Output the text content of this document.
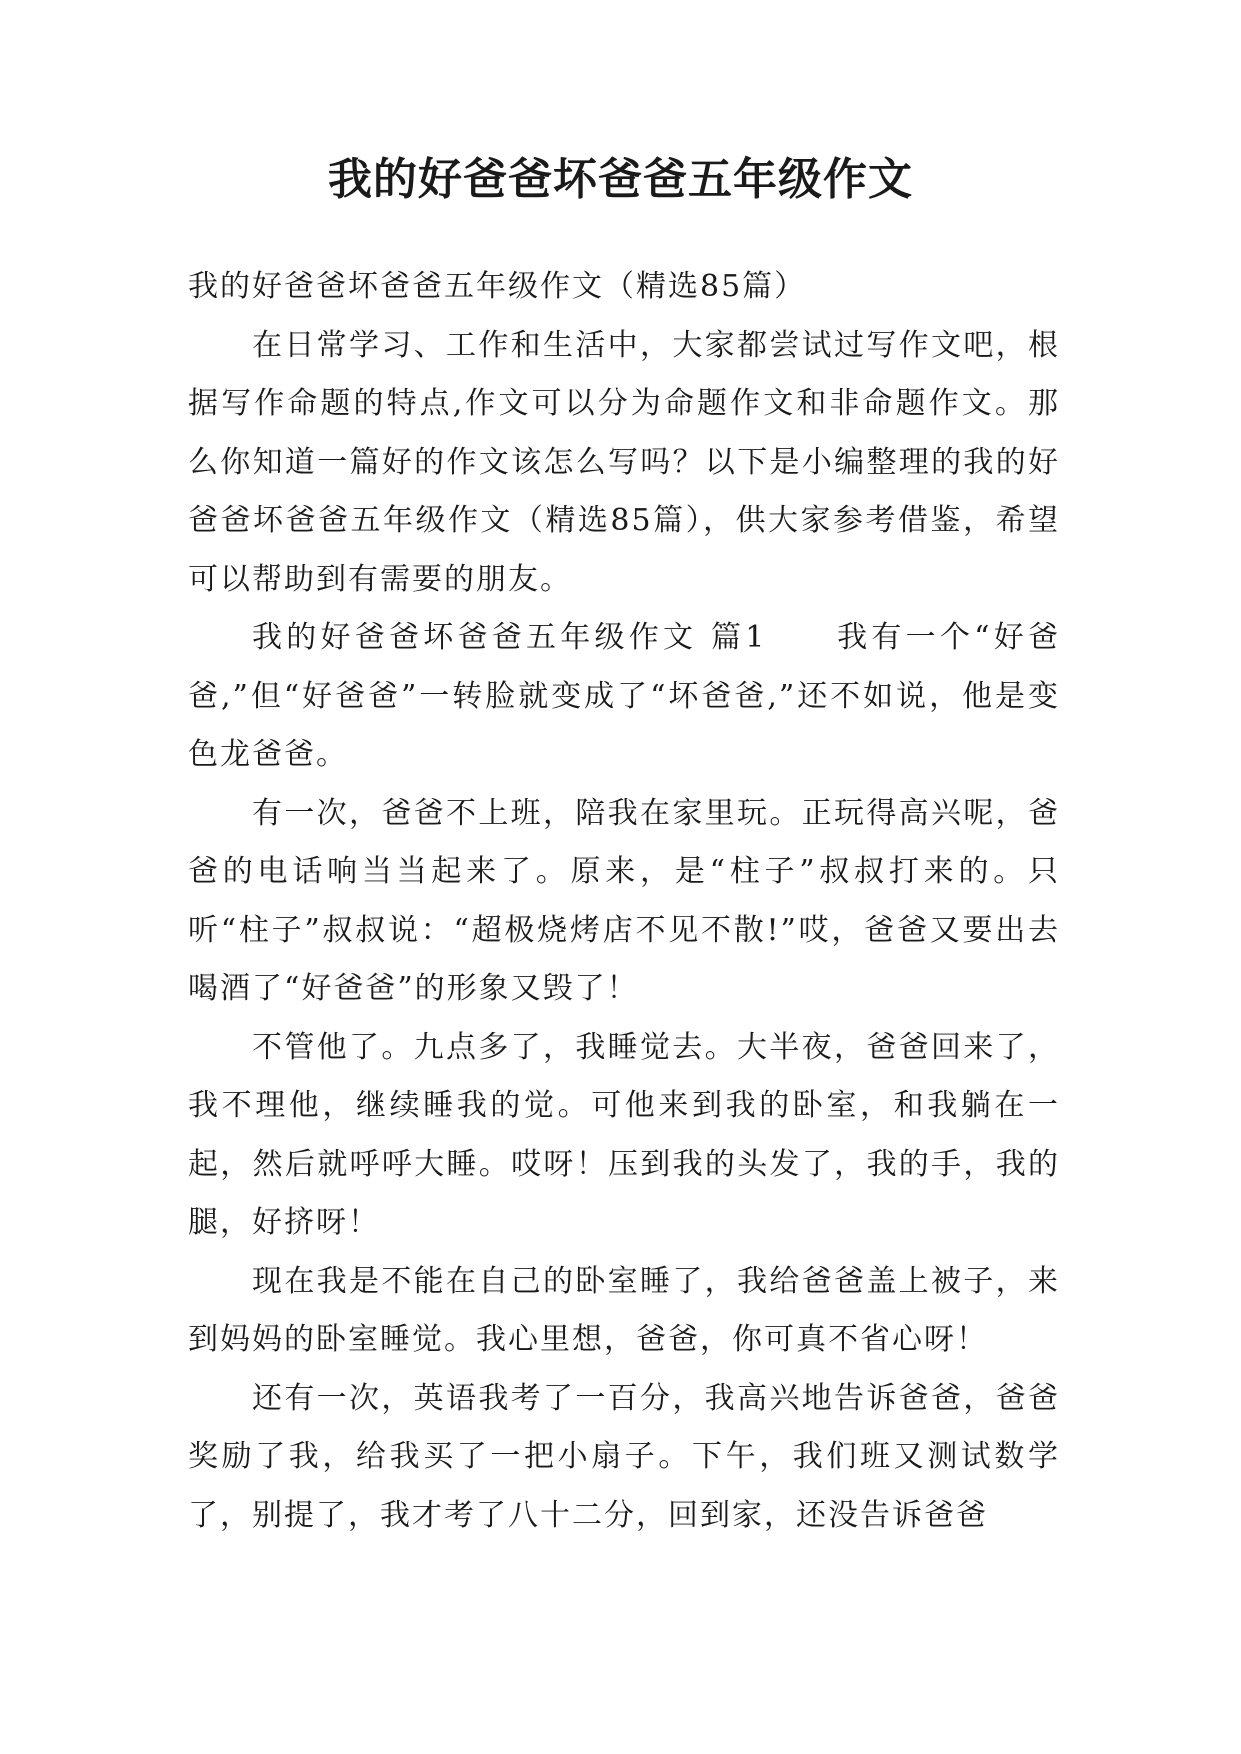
我的好爸爸坏爸爸五年级作文

我的好爸爸坏爸爸五年级作文（精选85篇）

在日常学习、工作和生活中，大家都尝试过写作文吧，根据写作命题的特点,作文可以分为命题作文和非命题作文。那么你知道一篇好的作文该怎么写吗？以下是小编整理的我的好爸爸坏爸爸五年级作文（精选85篇），供大家参考借鉴，希望可以帮助到有需要的朋友。

我的好爸爸坏爸爸五年级作文 篇1　　我有一个“好爸爸,”但“好爸爸”一转脸就变成了“坏爸爸,”还不如说，他是变色龙爸爸。

有一次，爸爸不上班，陪我在家里玩。正玩得高兴呢，爸爸的电话响当当起来了。原来，是“柱子”叔叔打来的。只听“柱子”叔叔说：“超极烧烤店不见不散!”哎，爸爸又要出去喝酒了“好爸爸”的形象又毁了！

不管他了。九点多了，我睡觉去。大半夜，爸爸回来了，我不理他，继续睡我的觉。可他来到我的卧室，和我躺在一起，然后就呼呼大睡。哎呀！压到我的头发了，我的手，我的腿，好挤呀！

现在我是不能在自己的卧室睡了，我给爸爸盖上被子，来到妈妈的卧室睡觉。我心里想，爸爸，你可真不省心呀！

还有一次，英语我考了一百分，我高兴地告诉爸爸，爸爸奖励了我，给我买了一把小扇子。下午，我们班又测试数学了，别提了，我才考了八十二分，回到家，还没告诉爸爸
